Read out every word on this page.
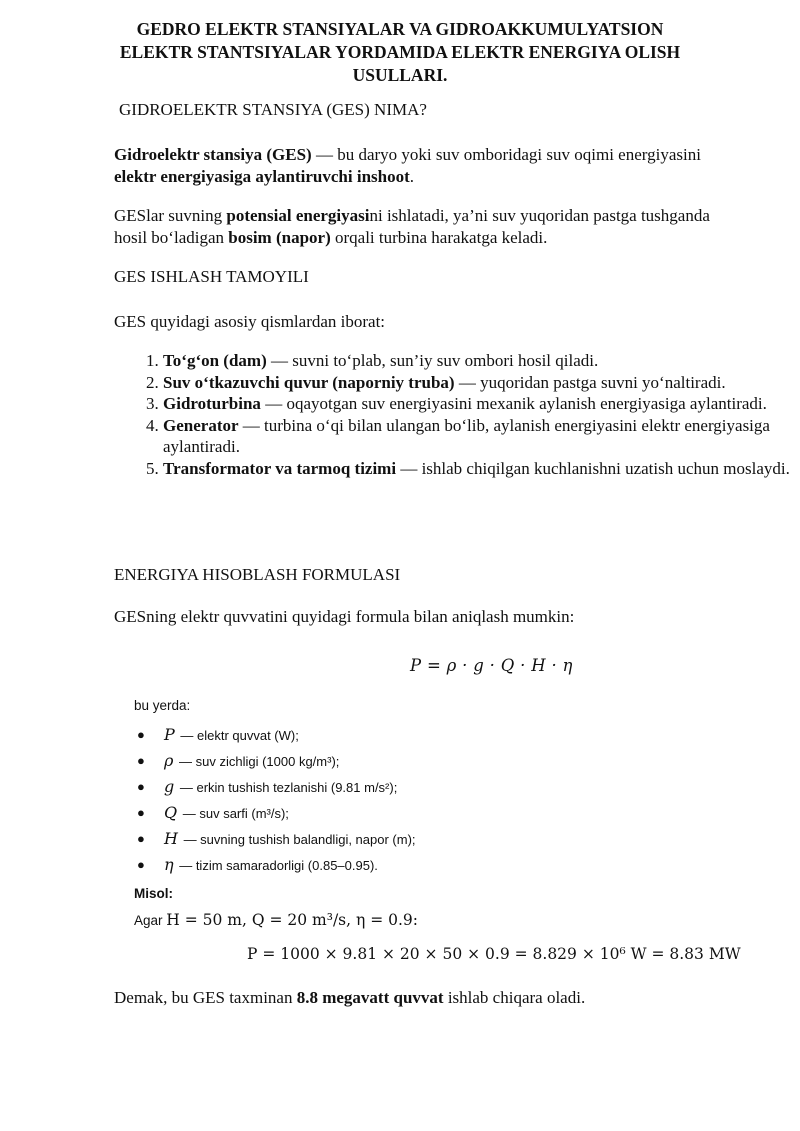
GEDRO ELEKTR STANSIYALAR VA GIDROAKKUMULYATSION
ELEKTR STANTSIYALAR YORDAMIDA ELEKTR ENERGIYA OLISH
USULLARI.

GIDROELEKTR STANSIYA (GES) NIMA?

Gidroelektr stansiya (GES) — bu daryo yoki suv omboridagi suv oqimi energiyasini elektr energiyasiga aylantiruvchi inshoot.

GESlar suvning potensial energiyasini ishlatadi, ya’ni suv yuqoridan pastga tushganda hosil bo‘ladigan bosim (napor) orqali turbina harakatga keladi.

GES ISHLASH TAMOYILI

GES quyidagi asosiy qismlardan iborat:

1. To‘g‘on (dam) — suvni to‘plab, sun’iy suv ombori hosil qiladi.
2. Suv o‘tkazuvchi quvur (naporniy truba) — yuqoridan pastga suvni yo‘naltiradi.
3. Gidroturbina — oqayotgan suv energiyasini mexanik aylanish energiyasiga aylantiradi.
4. Generator — turbina o‘qi bilan ulangan bo‘lib, aylanish energiyasini elektr energiyasiga aylantiradi.
5. Transformator va tarmoq tizimi — ishlab chiqilgan kuchlanishni uzatish uchun moslaydi.

ENERGIYA HISOBLASH FORMULASI

GESning elektr quvvatini quyidagi formula bilan aniqlash mumkin:

P = ρ · g · Q · H · η
bu yerda:
● P — elektr quvvat (W);
● ρ — suv zichligi (1000 kg/m³);
● g — erkin tushish tezlanishi (9.81 m/s²);
● Q — suv sarfi (m³/s);
● H — suvning tushish balandligi, napor (m);
● η — tizim samaradorligi (0.85–0.95).
Misol:
Agar H = 50 m, Q = 20 m³/s, η = 0.9:
P = 1000 × 9.81 × 20 × 50 × 0.9 = 8.829 × 10⁶ W = 8.83 MW

Demak, bu GES taxminan 8.8 megavatt quvvat ishlab chiqara oladi.
